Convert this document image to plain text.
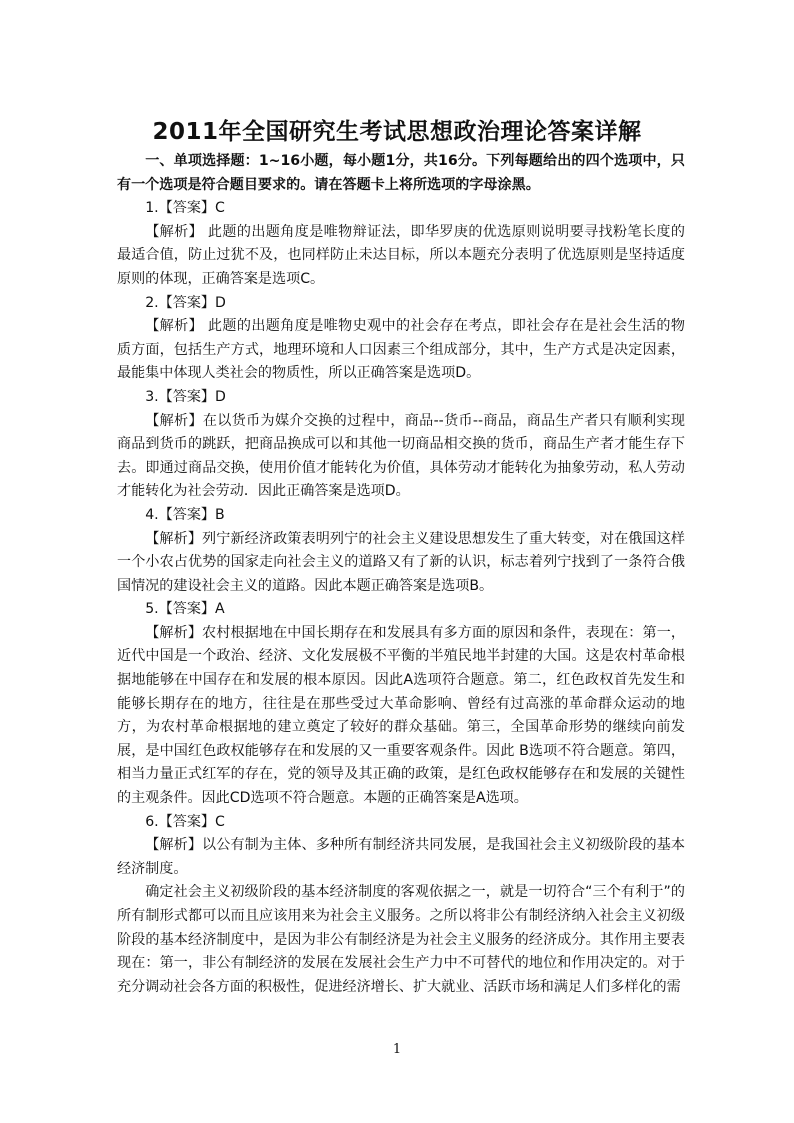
2011年全国研究生考试思想政治理论答案详解

一、单项选择题：1~16小题，每小题1分，共16分。下列每题给出的四个选项中，只有一个选项是符合题目要求的。请在答题卡上将所选项的字母涂黑。

1.【答案】C

【解析】 此题的出题角度是唯物辩证法，即华罗庚的优选原则说明要寻找粉笔长度的最适合值，防止过犹不及，也同样防止未达目标，所以本题充分表明了优选原则是坚持适度原则的体现，正确答案是选项C。

2.【答案】D

【解析】 此题的出题角度是唯物史观中的社会存在考点，即社会存在是社会生活的物质方面，包括生产方式，地理环境和人口因素三个组成部分，其中，生产方式是决定因素，最能集中体现人类社会的物质性，所以正确答案是选项D。

3.【答案】D

【解析】在以货币为媒介交换的过程中，商品--货币--商品，商品生产者只有顺利实现商品到货币的跳跃，把商品换成可以和其他一切商品相交换的货币，商品生产者才能生存下去。即通过商品交换，使用价值才能转化为价值，具体劳动才能转化为抽象劳动，私人劳动才能转化为社会劳动．因此正确答案是选项D。

4.【答案】B

【解析】列宁新经济政策表明列宁的社会主义建设思想发生了重大转变，对在俄国这样一个小农占优势的国家走向社会主义的道路又有了新的认识，标志着列宁找到了一条符合俄国情况的建设社会主义的道路。因此本题正确答案是选项B。

5.【答案】A

【解析】农村根据地在中国长期存在和发展具有多方面的原因和条件，表现在：第一，近代中国是一个政治、经济、文化发展极不平衡的半殖民地半封建的大国。这是农村革命根据地能够在中国存在和发展的根本原因。因此A选项符合题意。第二，红色政权首先发生和能够长期存在的地方，往往是在那些受过大革命影响、曾经有过高涨的革命群众运动的地方，为农村革命根据地的建立奠定了较好的群众基础。第三，全国革命形势的继续向前发展，是中国红色政权能够存在和发展的又一重要客观条件。因此 B选项不符合题意。第四，相当力量正式红军的存在，党的领导及其正确的政策，是红色政权能够存在和发展的关键性的主观条件。因此CD选项不符合题意。本题的正确答案是A选项。

6.【答案】C

【解析】以公有制为主体、多种所有制经济共同发展，是我国社会主义初级阶段的基本经济制度。

确定社会主义初级阶段的基本经济制度的客观依据之一，就是一切符合“三个有利于”的所有制形式都可以而且应该用来为社会主义服务。之所以将非公有制经济纳入社会主义初级阶段的基本经济制度中，是因为非公有制经济是为社会主义服务的经济成分。其作用主要表现在：第一，非公有制经济的发展在发展社会生产力中不可替代的地位和作用决定的。对于充分调动社会各方面的积极性，促进经济增长、扩大就业、活跃市场和满足人们多样化的需

1
